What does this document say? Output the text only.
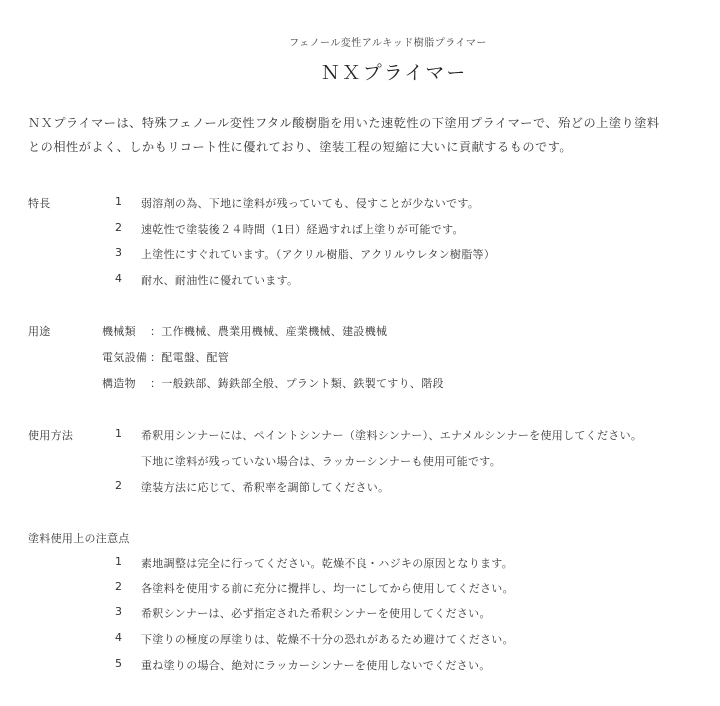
フェノール変性アルキッド樹脂プライマー
ＮＸプライマー
ＮＸプライマーは、特殊フェノール変性フタル酸樹脂を用いた速乾性の下塗用プライマーで、殆どの上塗り塗料
との相性がよく、しかもリコート性に優れており、塗装工程の短縮に大いに貢献するものです。
特長	1 弱溶剤の為、下地に塗料が残っていても、侵すことが少ないです。
2 速乾性で塗装後２４時間（1日）経過すれば上塗りが可能です。
3 上塗性にすぐれています。（アクリル樹脂、アクリルウレタン樹脂等）
4 耐水、耐油性に優れています。
用途	機械類 ：工作機械、農業用機械、産業機械、建設機械
電気設備 ：配電盤、配管
構造物 ：一般鉄部、鋳鉄部全般、プラント類、鉄製てすり、階段
使用方法	1 希釈用シンナーには、ペイントシンナー（塗料シンナー）、エナメルシンナーを使用してください。
下地に塗料が残っていない場合は、ラッカーシンナーも使用可能です。
2 塗装方法に応じて、希釈率を調節してください。
塗料使用上の注意点
1 素地調整は完全に行ってください。乾燥不良・ハジキの原因となります。
2 各塗料を使用する前に充分に攪拌し、均一にしてから使用してください。
3 希釈シンナーは、必ず指定された希釈シンナーを使用してください。
4 下塗りの極度の厚塗りは、乾燥不十分の恐れがあるため避けてください。
5 重ね塗りの場合、絶対にラッカーシンナーを使用しないでください。
